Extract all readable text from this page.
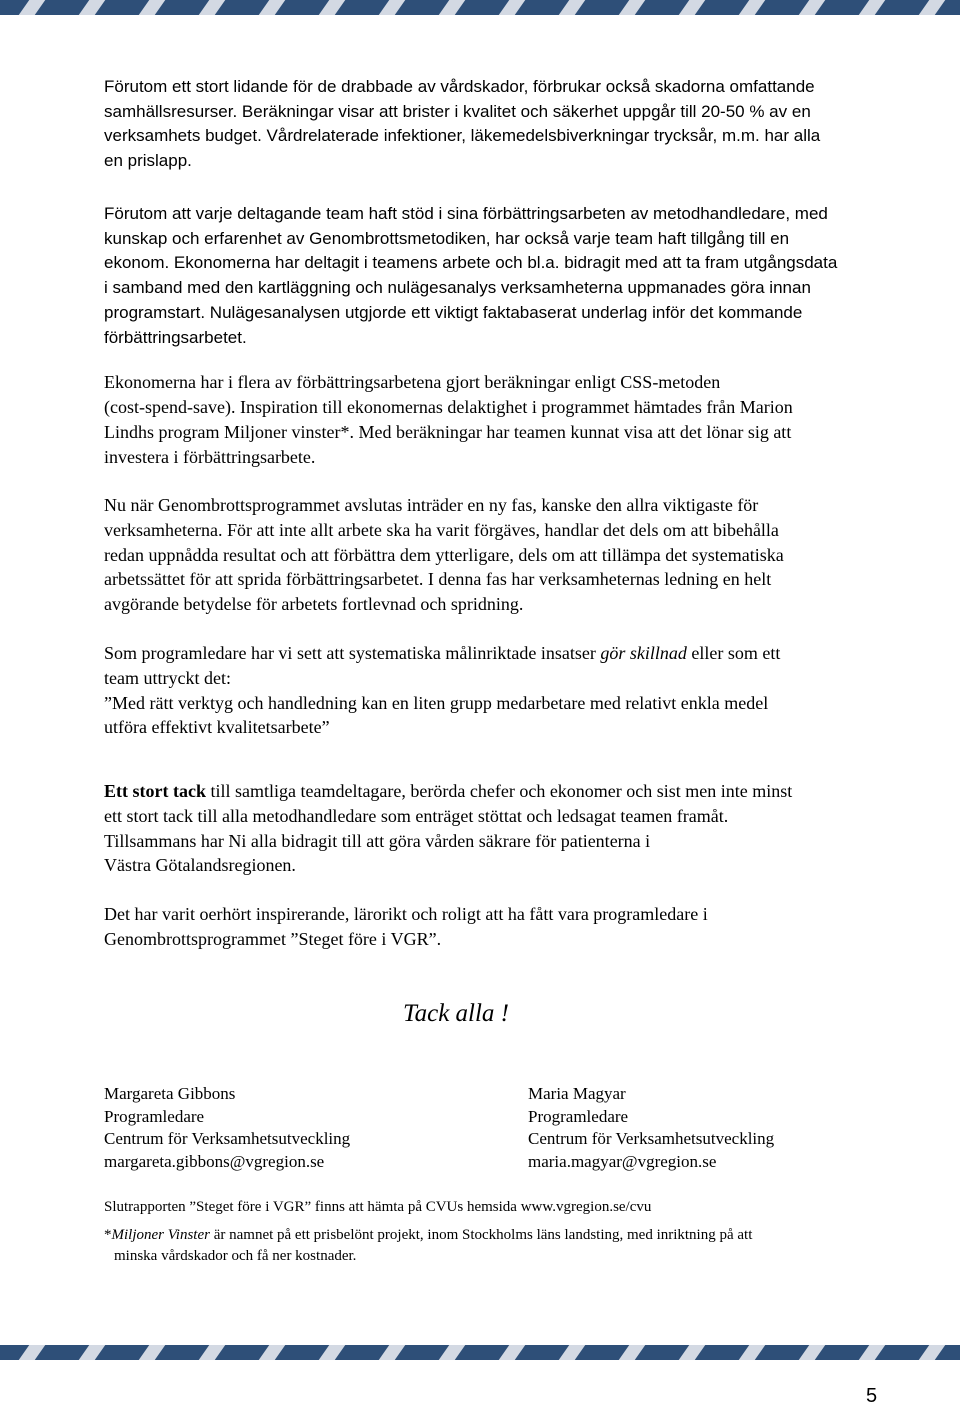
Förutom ett stort lidande för de drabbade av vårdskador, förbrukar också skadorna omfattande
samhällsresurser. Beräkningar visar att brister i kvalitet och säkerhet uppgår till 20-50 % av en
verksamhets budget. Vårdrelaterade infektioner, läkemedelsbiverkningar trycksår, m.m. har alla
en prislapp.
Förutom att varje deltagande team haft stöd i sina förbättringsarbeten av metodhandledare, med
kunskap och erfarenhet av Genombrottsmetodiken, har också varje team haft tillgång till en
ekonom. Ekonomerna har deltagit i teamens arbete och bl.a. bidragit med att ta fram utgångsdata
i samband med den kartläggning och nulägesanalys verksamheterna uppmanades göra innan
programstart. Nulägesanalysen utgjorde ett viktigt faktabaserat underlag inför det kommande
förbättringsarbetet.
Ekonomerna har i flera av förbättringsarbetena gjort beräkningar enligt CSS-metoden
(cost-spend-save). Inspiration till ekonomernas delaktighet i programmet hämtades från Marion
Lindhs program Miljoner vinster*. Med beräkningar har teamen kunnat visa att det lönar sig att
investera i förbättringsarbete.
Nu när Genombrottsprogrammet avslutas inträder en ny fas, kanske den allra viktigaste för
verksamheterna. För att inte allt arbete ska ha varit förgäves, handlar det dels om att bibehålla
redan uppnådda resultat och att förbättra dem ytterligare, dels om att tillämpa det systematiska
arbetssättet för att sprida förbättringsarbetet. I denna fas har verksamheternas ledning en helt
avgörande betydelse för arbetets fortlevnad och spridning.
Som programledare har vi sett att systematiska målinriktade insatser gör skillnad eller som ett
team uttryckt det:
”Med rätt verktyg och handledning kan en liten grupp medarbetare med relativt enkla medel
utföra effektivt kvalitetsarbete”
Ett stort tack till samtliga teamdeltagare, berörda chefer och ekonomer och sist men inte minst
ett stort tack till alla metodhandledare som enträget stöttat och ledsagat teamen framåt.
Tillsammans har Ni alla bidragit till att göra vården säkrare för patienterna i
Västra Götalandsregionen.
Det har varit oerhört inspirerande, lärorikt och roligt att ha fått vara programledare i
Genombrottsprogrammet ”Steget före i VGR”.
Tack alla !
Margareta Gibbons
Programledare
Centrum för Verksamhetsutveckling
margareta.gibbons@vgregion.se
Maria Magyar
Programledare
Centrum för Verksamhetsutveckling
maria.magyar@vgregion.se
Slutrapporten ”Steget före i VGR” finns att hämta på CVUs hemsida www.vgregion.se/cvu
*Miljoner Vinster är namnet på ett prisbelönt projekt, inom Stockholms läns landsting, med inriktning på att
minska vårdskador och få ner kostnader.
5
